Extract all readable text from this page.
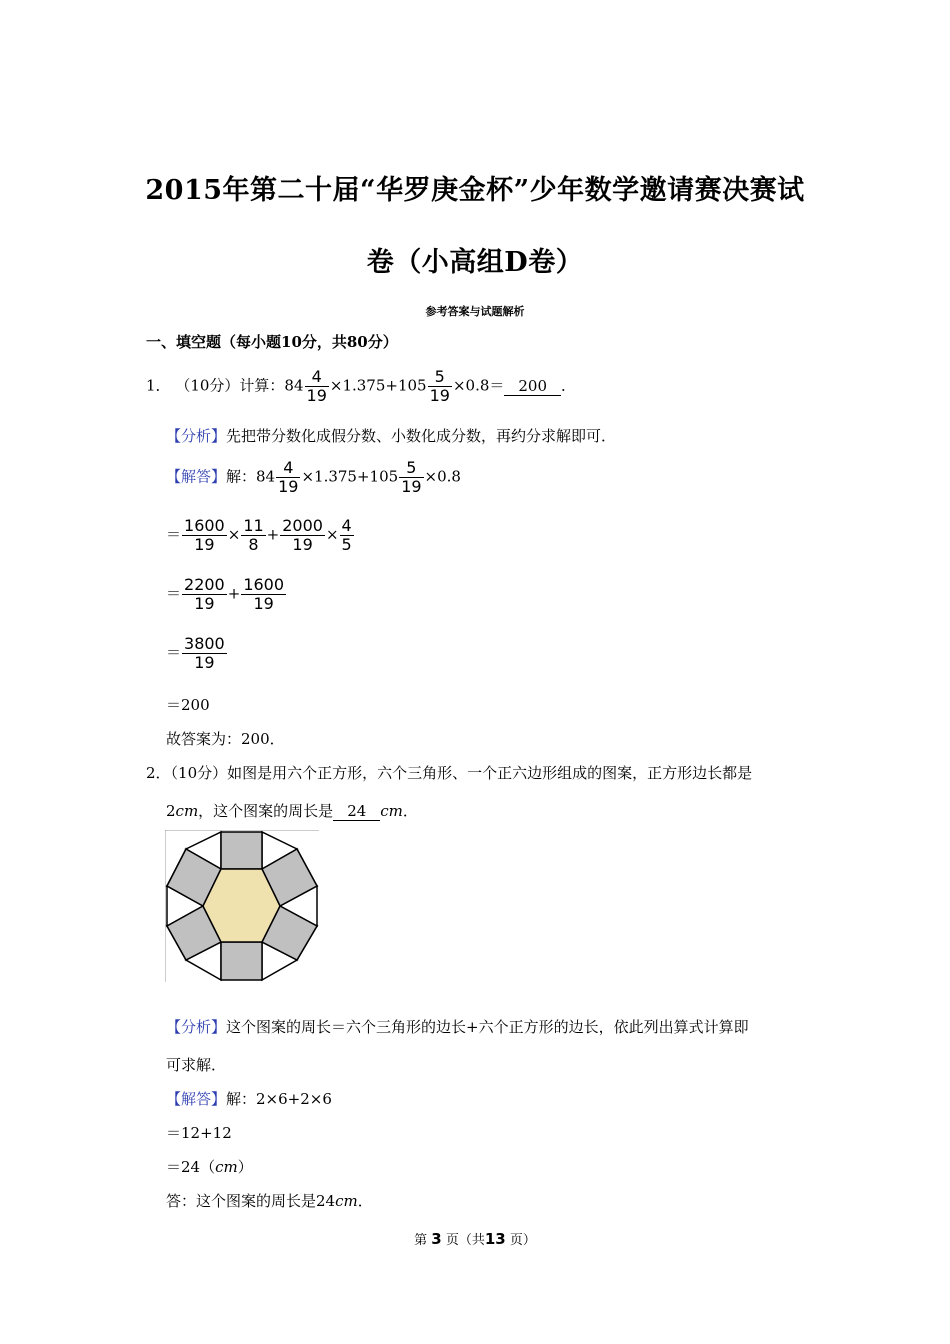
2015年第二十届“华罗庚金杯”少年数学邀请赛决赛试
卷（小高组D卷）
参考答案与试题解析
一、填空题（每小题10分，共80分）
1． （10分）计算：$84 \frac{4}{19} \times 1.375+105 \frac{5}{19} \times 0.8= 200$ ．
【分析】先把带分数化成假分数、小数化成分数，再约分求解即可．
【解答】解：$84 \frac{4}{19} \times 1.375+105 \frac{5}{19} \times 0.8$
＝ $\frac{1600}{19} \times \frac{11}{8} + \frac{2000}{19} \times \frac{4}{5}$
＝ $\frac{2200}{19} + \frac{1600}{19}$
＝ $\frac{3800}{19}$
＝200
故答案为：200．
2．（10分）如图是用六个正方形，六个三角形、一个正六边形组成的图案，正方形边长都是
2cm，这个图案的周长是 24 cm．
【分析】这个图案的周长＝六个三角形的边长+六个正方形的边长，依此列出算式计算即
可求解．
【解答】解：2×6+2×6
＝12+12
＝24（cm）
答：这个图案的周长是24cm．
第 3 页（共13 页）
